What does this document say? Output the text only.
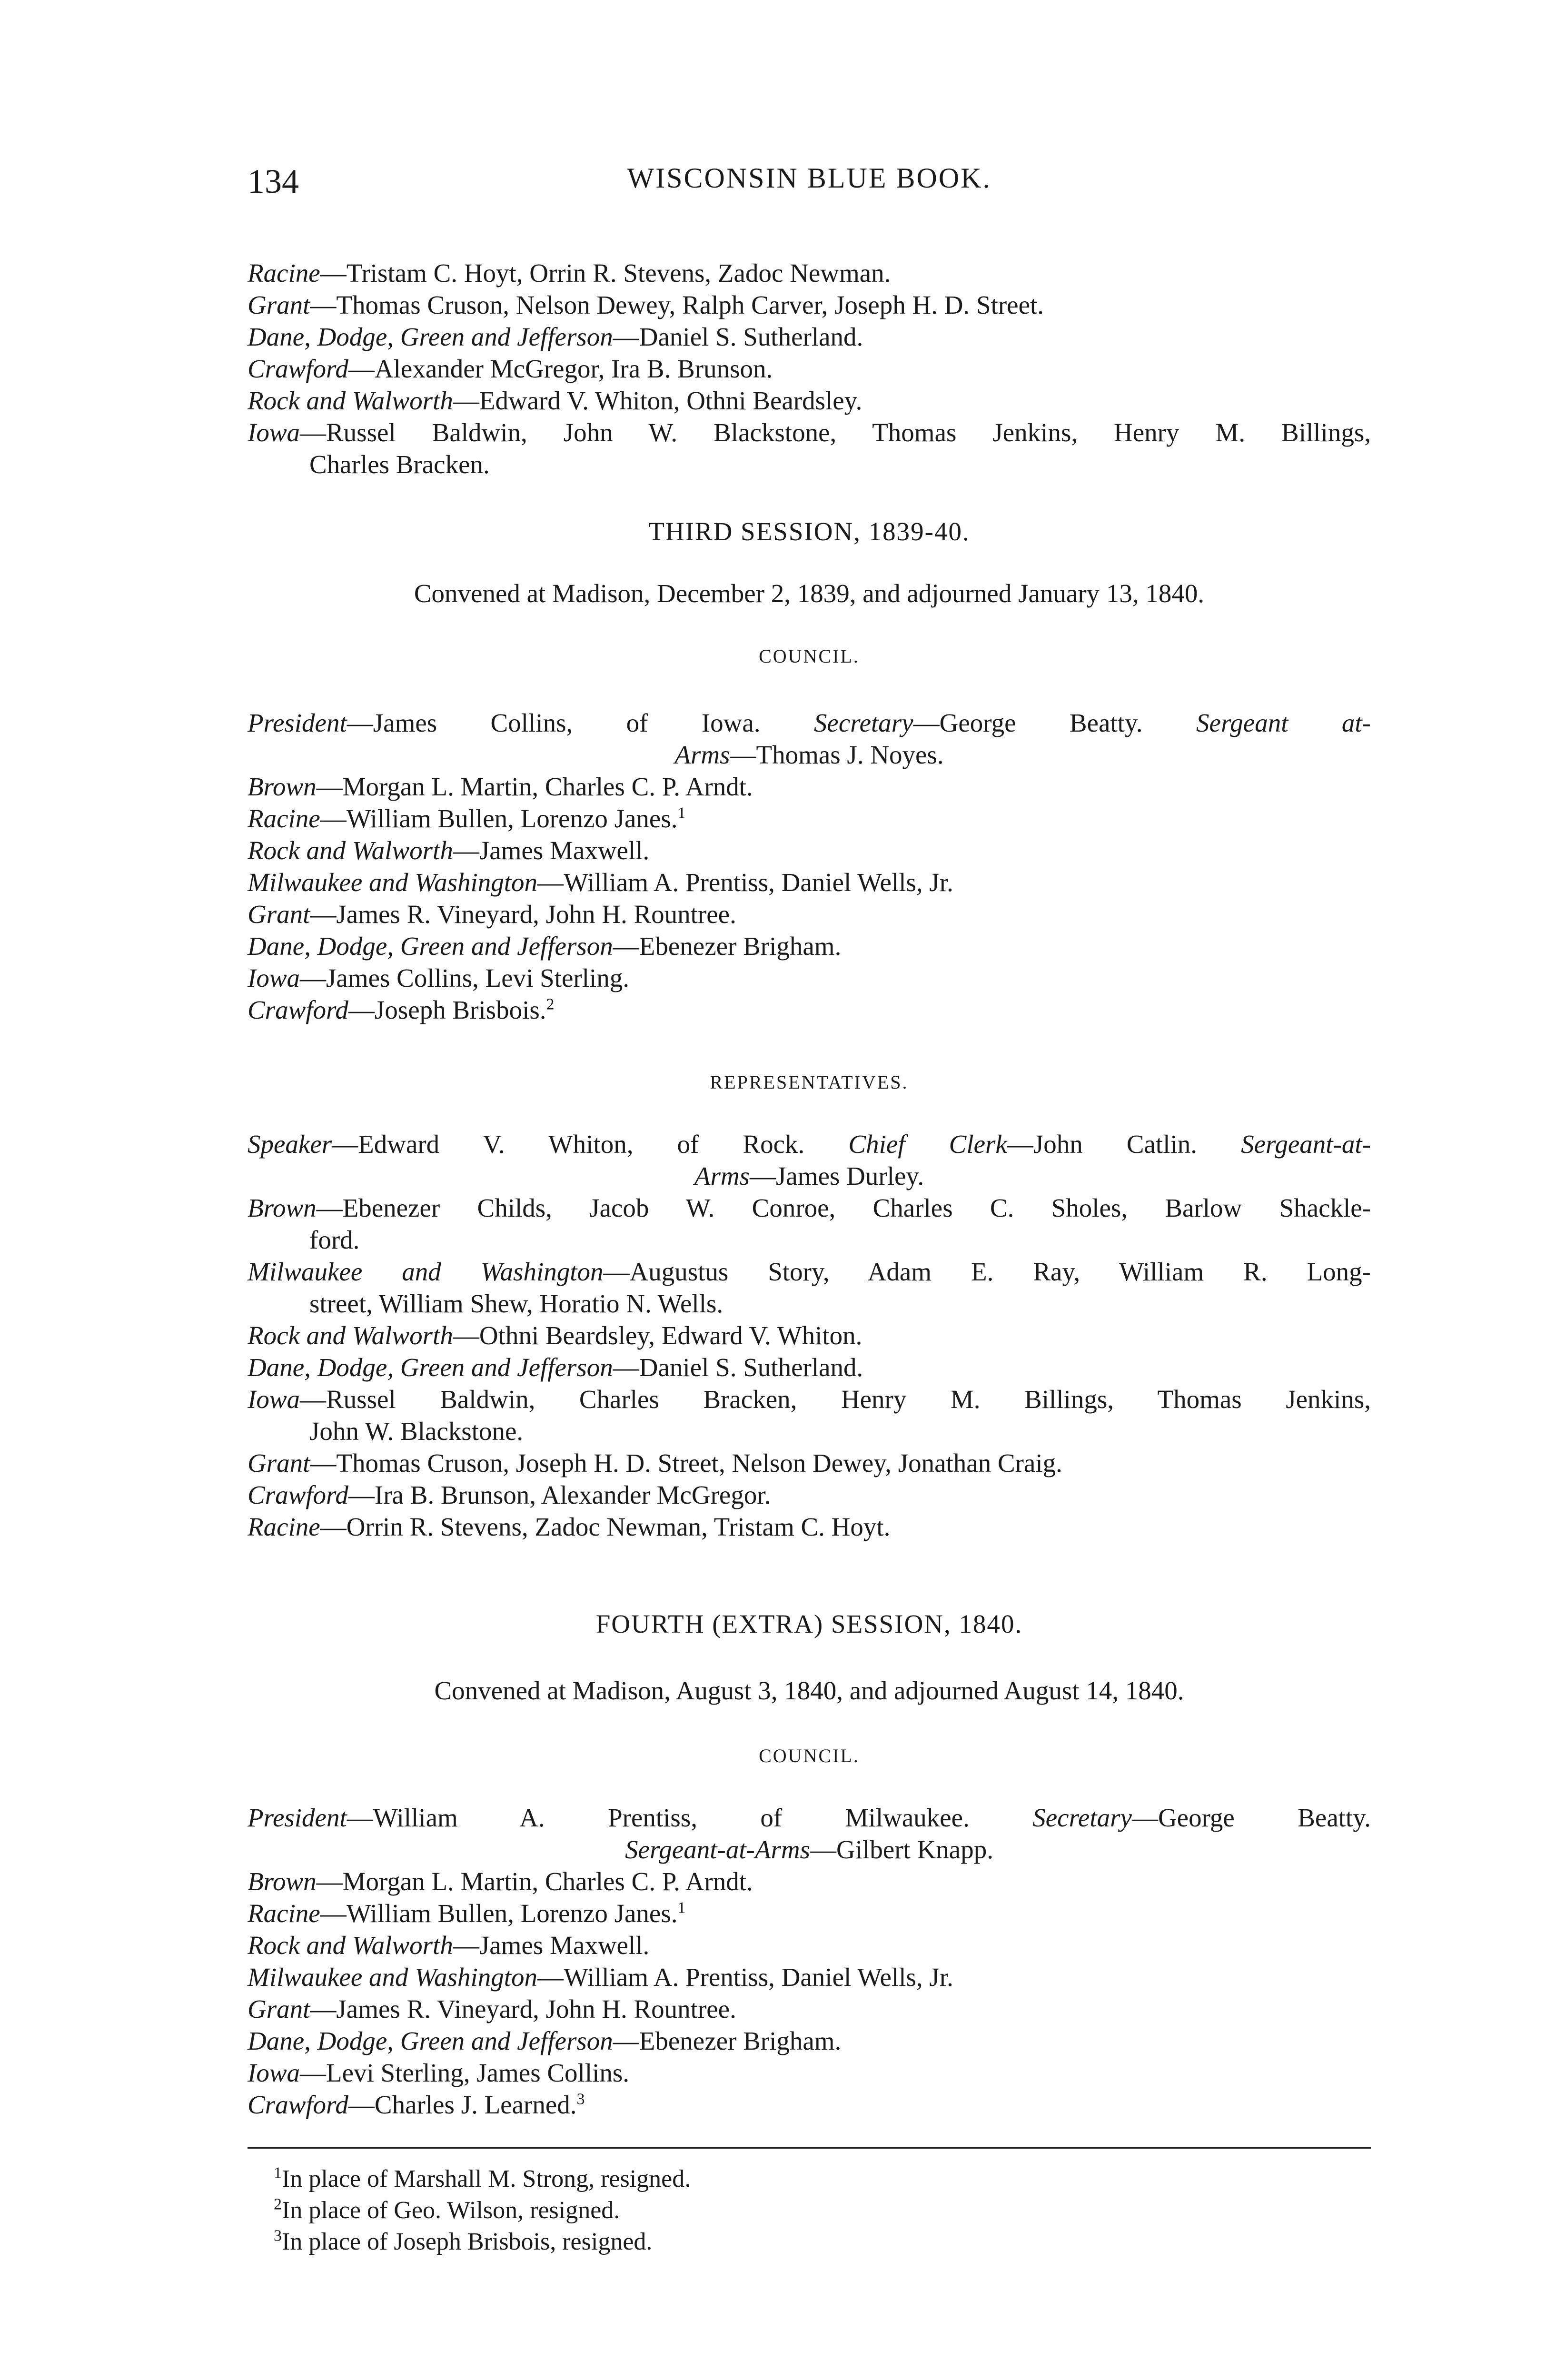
134	WISCONSIN BLUE BOOK.
Racine—Tristam C. Hoyt, Orrin R. Stevens, Zadoc Newman.
Grant—Thomas Cruson, Nelson Dewey, Ralph Carver, Joseph H. D. Street.
Dane, Dodge, Green and Jefferson—Daniel S. Sutherland.
Crawford—Alexander McGregor, Ira B. Brunson.
Rock and Walworth—Edward V. Whiton, Othni Beardsley.
Iowa—Russel Baldwin, John W. Blackstone, Thomas Jenkins, Henry M. Billings,
Charles Bracken.
THIRD SESSION, 1839-40.
Convened at Madison, December 2, 1839, and adjourned January 13, 1840.
COUNCIL.
President—James Collins, of Iowa. Secretary—George Beatty. Sergeant at-
Arms—Thomas J. Noyes.
Brown—Morgan L. Martin, Charles C. P. Arndt.
Racine—William Bullen, Lorenzo Janes.$^1$
Rock and Walworth—James Maxwell.
Milwaukee and Washington—William A. Prentiss, Daniel Wells, Jr.
Grant—James R. Vineyard, John H. Rountree.
Dane, Dodge, Green and Jefferson—Ebenezer Brigham.
Iowa—James Collins, Levi Sterling.
Crawford—Joseph Brisbois.$^2$
REPRESENTATIVES.
Speaker—Edward V. Whiton, of Rock. Chief Clerk—John Catlin. Sergeant-at-
Arms—James Durley.
Brown—Ebenezer Childs, Jacob W. Conroe, Charles C. Sholes, Barlow Shackle-
ford.
Milwaukee and Washington—Augustus Story, Adam E. Ray, William R. Long-
street, William Shew, Horatio N. Wells.
Rock and Walworth—Othni Beardsley, Edward V. Whiton.
Dane, Dodge, Green and Jefferson—Daniel S. Sutherland.
Iowa—Russel Baldwin, Charles Bracken, Henry M. Billings, Thomas Jenkins,
John W. Blackstone.
Grant—Thomas Cruson, Joseph H. D. Street, Nelson Dewey, Jonathan Craig.
Crawford—Ira B. Brunson, Alexander McGregor.
Racine—Orrin R. Stevens, Zadoc Newman, Tristam C. Hoyt.
FOURTH (EXTRA) SESSION, 1840.
Convened at Madison, August 3, 1840, and adjourned August 14, 1840.
COUNCIL.
President—William A. Prentiss, of Milwaukee. Secretary—George Beatty.
Sergeant-at-Arms—Gilbert Knapp.
Brown—Morgan L. Martin, Charles C. P. Arndt.
Racine—William Bullen, Lorenzo Janes.$^1$
Rock and Walworth—James Maxwell.
Milwaukee and Washington—William A. Prentiss, Daniel Wells, Jr.
Grant—James R. Vineyard, John H. Rountree.
Dane, Dodge, Green and Jefferson—Ebenezer Brigham.
Iowa—Levi Sterling, James Collins.
Crawford—Charles J. Learned.$^3$
$^1$In place of Marshall M. Strong, resigned.
$^2$In place of Geo. Wilson, resigned.
$^3$In place of Joseph Brisbois, resigned.
